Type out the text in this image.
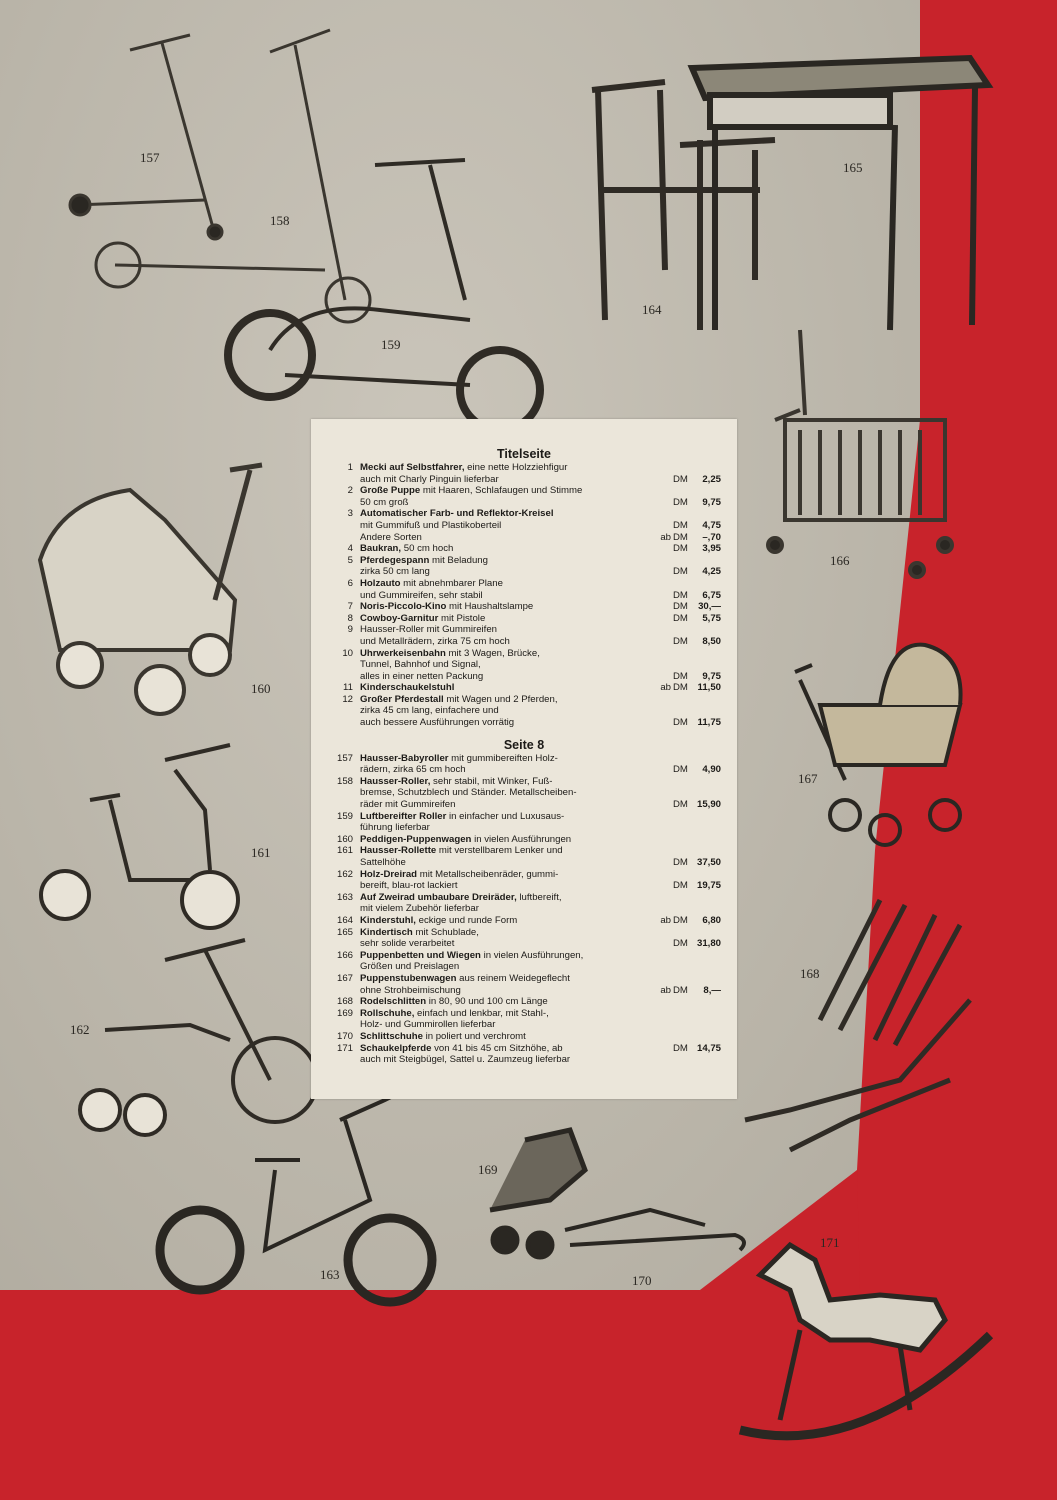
157
158
159
160
161
162
163
164
165
166
167
168
169
170
171
Titelseite
1 Mecki auf Selbstfahrer, eine nette Holzziehfigur
auch mit Charly Pinguin lieferbar	DM 2,25
2 Große Puppe mit Haaren, Schlafaugen und Stimme
50 cm groß	DM 9,75
3 Automatischer Farb- und Reflektor-Kreisel
mit Gummifuß und Plastikoberteil	DM 4,75
Andere Sorten	ab DM –,70
4 Baukran, 50 cm hoch	DM 3,95
5 Pferdegespann mit Beladung
zirka 50 cm lang	DM 4,25
6 Holzauto mit abnehmbarer Plane
und Gummireifen, sehr stabil	DM 6,75
7 Noris-Piccolo-Kino mit Haushaltslampe	DM 30,—
8 Cowboy-Garnitur mit Pistole	DM 5,75
9 Hausser-Roller mit Gummireifen
und Metallrädern, zirka 75 cm hoch	DM 8,50
10 Uhrwerkeisenbahn mit 3 Wagen, Brücke,
Tunnel, Bahnhof und Signal,
alles in einer netten Packung	DM 9,75
11 Kinderschaukelstuhl	ab DM 11,50
12 Großer Pferdestall mit Wagen und 2 Pferden,
zirka 45 cm lang, einfachere und
auch bessere Ausführungen vorrätig	DM 11,75
Seite 8
157 Hausser-Babyroller mit gummibereiften Holz-
rädern, zirka 65 cm hoch	DM 4,90
158 Hausser-Roller, sehr stabil, mit Winker, Fuß-
bremse, Schutzblech und Ständer. Metallscheiben-
räder mit Gummireifen	DM 15,90
159 Luftbereifter Roller in einfacher und Luxusaus-
führung lieferbar
160 Peddigen-Puppenwagen in vielen Ausführungen
161 Hausser-Rollette mit verstellbarem Lenker und
Sattelhöhe	DM 37,50
162 Holz-Dreirad mit Metallscheibenräder, gummi-
bereift, blau-rot lackiert	DM 19,75
163 Auf Zweirad umbaubare Dreiräder, luftbereift,
mit vielem Zubehör lieferbar
164 Kinderstuhl, eckige und runde Form	ab DM 6,80
165 Kindertisch mit Schublade,
sehr solide verarbeitet	DM 31,80
166 Puppenbetten und Wiegen in vielen Ausführungen,
Größen und Preislagen
167 Puppenstubenwagen aus reinem Weidegeflecht
ohne Strohbeimischung	ab DM 8,—
168 Rodelschlitten in 80, 90 und 100 cm Länge
169 Rollschuhe, einfach und lenkbar, mit Stahl-,
Holz- und Gummirollen lieferbar
170 Schlittschuhe in poliert und verchromt
171 Schaukelpferde von 41 bis 45 cm Sitzhöhe, ab	DM 14,75
auch mit Steigbügel, Sattel u. Zaumzeug lieferbar
